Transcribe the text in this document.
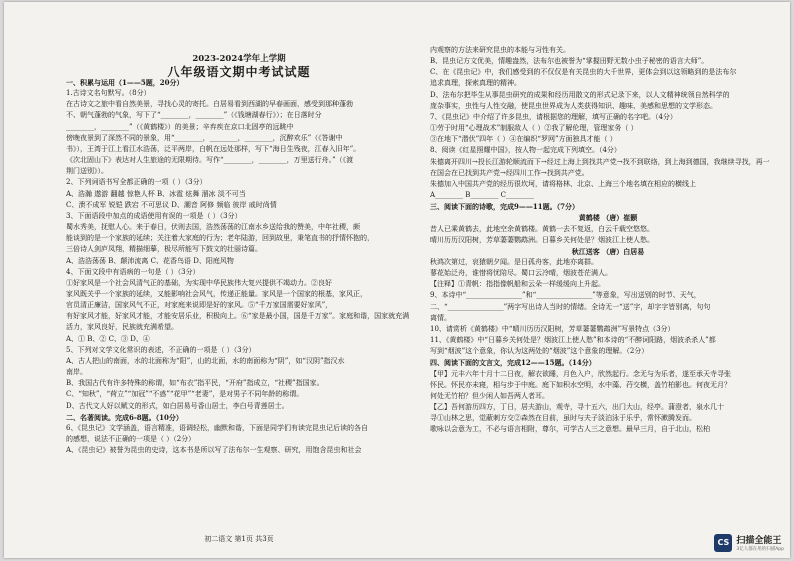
2023-2024学年上学期
八年级语文期中考试试题
一、积累与运用（1——5题，20分）
1.古诗文名句默写。（8分）
在古诗文之旅中看自然美景，寻找心灵的寄托。白居易看到西湖的早春画面，感受到那种蓬勃
不、朝气蓬勃的气象，写下了“________，________”（《钱塘湖春行》）；在日落时分
________，________”（《黄鹤楼》）的美景；辛弃疾在京口北固亭的远眺中
傍晚夜景到了深然不同的景象，用“________，________，________，沉醉欢乐”（《答谢中
书》），王湾于江上看江水浩荡，泛平两岸，白帆在远处那样，写下“海日生残夜，江春入旧年”。
《次北固山下》表达对人生旅途的无限期待。写作“________，________，万里送行舟。”（《渡
荆门送别》）。
2、下列词语书写全都正确的一项（ ）（3分）
A、浩瀚 遨游 翻越 惊艳人杯 B、冰雹 炫舞 溜冰 淡不可当
C、溃不成军 锐铠 跌宕 不可思议 D、潮音 阿修 频临 彼岸 戚时尚情
3、下面语段中加点的成语使用有误的一项是（ ）（3分）
蜀水秀美，抚慰人心。来于春日，伏则去国，浩然荡荡的江南水乡送给我的赞美，中年社稷，颇
能谈到的是一个家族的延续；关注着大家庭的行为；老年陆游，回到故里，秉笔直书的抒情怀抱的，
三倍诗人剑庐凤翔，精描细摹，极尽所能写下鼓文的壮丽诗篇。
A、浩浩荡荡 B、颠沛流离 C、花香鸟语 D、阳庭风物
4、下面文段中有语病的一句是（ ）（3分）
①好家风是一个社会风清气正的基础，为实现中华民族伟大复兴提供不竭动力。②良好
家风既关乎一个家族的延续，又能影响社会风气，传递正能量。家风是一个国家的根基，家风正，
官员清正廉洁，国家风气不正，对家庭来说即是好的家风。⑤“千万家国需要好家风”，
有好家风才能，好家风才能，才能安居乐业，积极向上。⑥“家是最小国，国是千万家”。家庭和谐，国家就充满
活力，家风良好，民族就充满希望。
A、① B、② C、③ D、④
5、下列对文学文化常识的表述，不正确的一项是（ ）（3分）
A、古人把山的南面，水的北面称为“阳”，山的北面，水的南面称为“阴”，如“汉阴”指汉水
南岸。
B、我国古代有许多特殊的称谓，如“布衣”指平民，“开府”指成立，“社稷”指国家。
C、“知秋”，“荷立”“加冠”“不惑”“花甲”“老妻”，是对男子不同年龄的称谓。
D、古代文人好以赋文的形式，如白居易号香山居士，李白号青莲居士。
二、名著阅读。完成6-8题。（10分）
6、《昆虫记》文学涵盖，语言精准，语调轻松，幽默和谐，下面是同学们有读完昆虫记后读的各自
的感想，说法不正确的一项是（ ）（2分）
A、《昆虫记》被誉为昆虫的史诗，这本书是所以写了法布尔一生观察、研究，用饱含昆虫和社会
初二语文 第1页 共3页
内观察的方法来研究昆虫的本能与习性有关。
B、昆虫记方文优美，情趣盎然，法布尔也被誉为“掌握田野无数小虫子秘密的语言大师”。
C、在《昆虫记》中，我们感受到的不仅仅是有关昆虫的大千世界，更体会到以这领略到的是法布尔
追求真理，探索真理的精神。
D、法布尔把毕生从事昆虫研究的成果和经历用散文的形式记录下来，以人文精神统领自然科学的
庞杂事实，虫性与人性交融，使昆虫世界成为人类获得知识、趣味、美感和思想的文学形态。
7、《昆虫记》中介绍了许多昆虫，请根据您的理解，填写正确的名字吧。（4分）
①劳于时用“心理战术”制服敌人（ ）②我了解伦理，管理家务（ ）
③在地下“潜伏”四年（ ）④在编织“罗网”方面独具才能（ ）
8、阅读《红星照耀中国》，按人物一起完成下列填空。（4分）
朱德离开四川→投长江游轮顺流而下→经过上海上到找共产党→找不到联络，到上海到德国，我继续寻找，再一
在国会在已找到共产党→经四川工作→找到共产党。
朱德加入中国共产党的经历很坎坷，请将格林、北京、上海三个地名填在相应的横线上
A________ B________ C________
三、阅读下面的诗歌，完成9——11题。（7分）
黄鹤楼 （唐）崔颢
昔人已乘黄鹤去，此地空余黄鹤楼。黄鹤一去不复返，白云千载空悠悠。
晴川历历汉阳树，芳草萋萋鹦鹉洲。日暮乡关何处是？烟波江上使人愁。
秋江送客 （唐）白居易
秋鸿次第过，哀猿朝夕闻。是日孤舟客，此地亦离群。
蓼花始泛舟，谁惜将忧陪尽。蜀口云冷晴，烟波苍茫满人。
【注释】①青帆：指指像帆船和云朵一样缓缓向上升起。
9、本诗中“________________”和“________________”等意象，写出送别的时节、天气，
二、“________________”两字写出诗人当时的情绪。全诗无一“送”字，却字字皆别离，句句
离情。
10、请赏析《黄鹤楼》中“晴川历历汉阳树，芳草萋萋鹦鹉洲”写景特点（3分）
11、《黄鹤楼》中“日暮乡关何处是？烟波江上使人愁”和本诗的“不醉词阳路，烟波杀杀人”都
写到“烟波”这个意象，你认为这两处的“烟波”这个意象的理解。（2分）
四、阅读下面的文言文，完成12——15题。（14分）
【甲】元丰六年十月十二日夜，解衣欲睡，月色入户，欣然起行。念无与为乐者，遂至承天寺寻张
怀民。怀民亦未寝，相与步于中庭。庭下如积水空明，水中藻、荇交横，盖竹柏影也。何夜无月？
何处无竹柏？但少闲人如吾两人者耳。
【乙】吾何游历四方，丁日，居夫游山，观寺，寻十五六，出门大山，经亭。蒲澄者，泉水几十
寻①山林之思，觉蔽刺方交②森然在目前，虽时与夫子淡泊泳于乐乎，常怀漱腾发而。
歌咏以会意为工，不必与语言相附，尊尔，可学古人三之意想。最早三月，自于北山，松柏
CS 扫描全能王
3亿人都在用的扫描App
